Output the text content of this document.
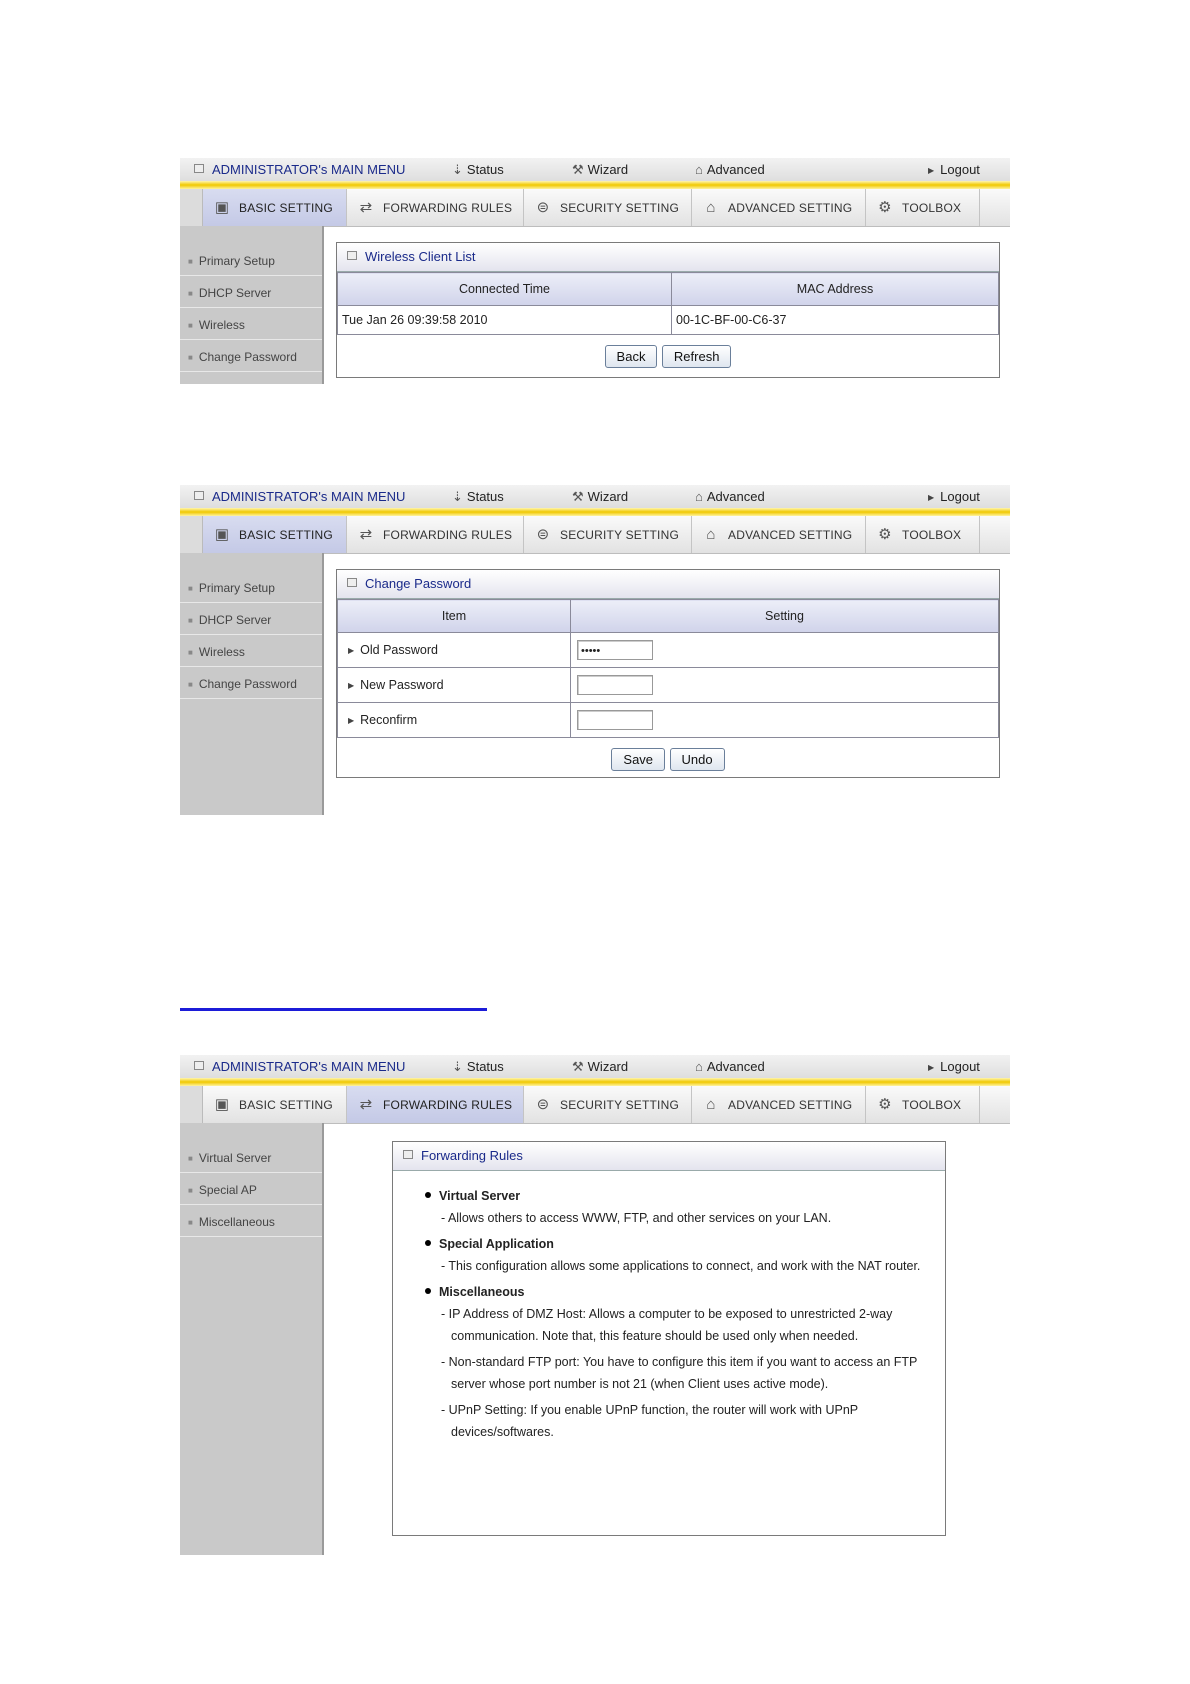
ADMINISTRATOR's MAIN MENU	⇣ Status	⚒ Wizard	⌂ Advanced	▶ Logout
▣ BASIC SETTING	⇄ FORWARDING RULES	⊜ SECURITY SETTING	⌂	ADVANCED SETTING ⚙ TOOLBOX
■ Primary Setup
■ DHCP Server
■ Wireless
■ Change Password
Wireless Client List
Connected Time	MAC Address
Tue Jan 26 09:39:58 2010	00-1C-BF-00-C6-37
Back Refresh
ADMINISTRATOR's MAIN MENU	⇣ Status	⚒ Wizard	⌂ Advanced	▶ Logout
▣ BASIC SETTING	⇄ FORWARDING RULES	⊜ SECURITY SETTING	⌂	ADVANCED SETTING ⚙ TOOLBOX
■ Primary Setup
■ DHCP Server
■ Wireless
■ Change Password
Change Password
Item	Setting
▶ Old Password	•••••
▶ New Password	
▶ Reconfirm	
Save Undo
ADMINISTRATOR's MAIN MENU	⇣ Status	⚒ Wizard	⌂ Advanced	▶ Logout
▣ BASIC SETTING	⇄ FORWARDING RULES	⊜ SECURITY SETTING	⌂	ADVANCED SETTING ⚙ TOOLBOX
■ Virtual Server
■ Special AP
■ Miscellaneous
Forwarding Rules
Virtual Server
- Allows others to access WWW, FTP, and other services on your LAN.
Special Application
- This configuration allows some applications to connect, and work with the NAT router.
Miscellaneous
- IP Address of DMZ Host: Allows a computer to be exposed to unrestricted 2-way communication. Note that, this feature should be used only when needed.
- Non-standard FTP port: You have to configure this item if you want to access an FTP server whose port number is not 21 (when Client uses active mode).
- UPnP Setting: If you enable UPnP function, the router will work with UPnP devices/softwares.
